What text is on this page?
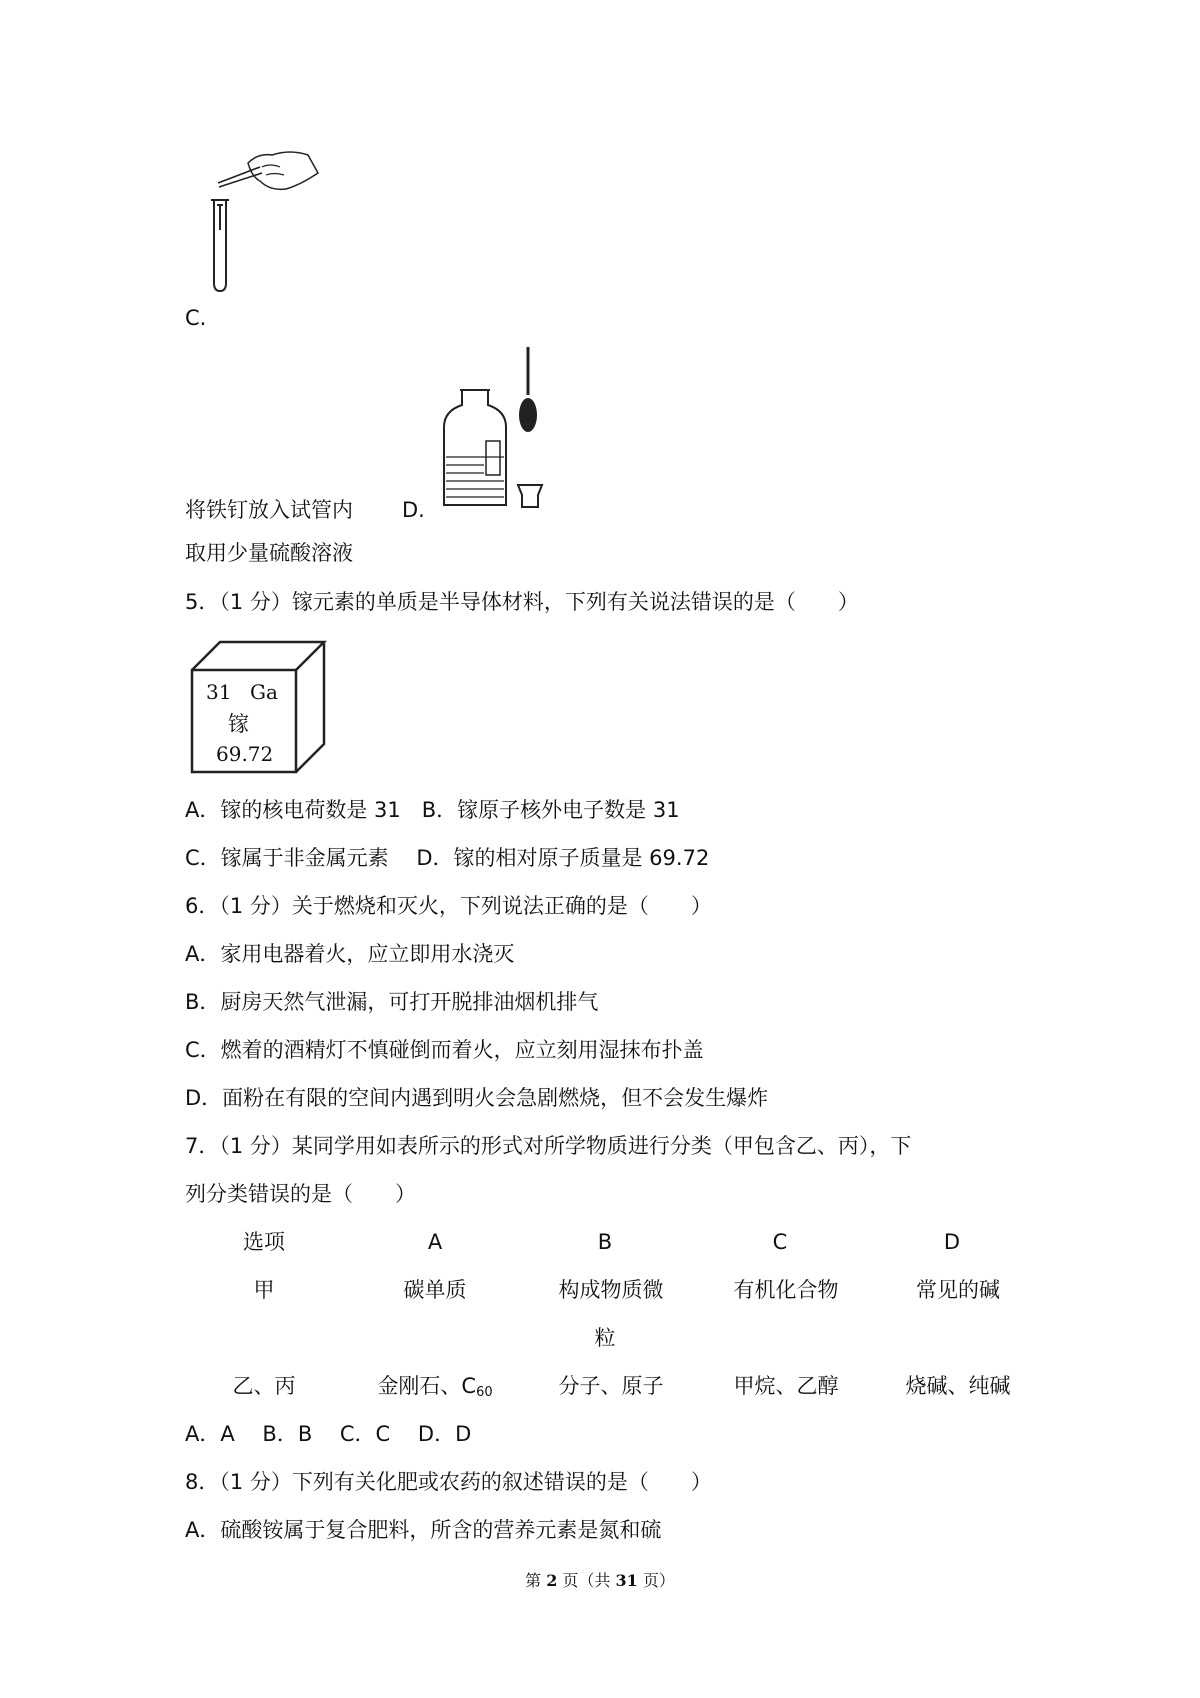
C.
将铁钉放入试管内 D.
取用少量硫酸溶液
5．（1 分）镓元素的单质是半导体材料，下列有关说法错误的是（　　）
31 Ga
镓
69.72
A．镓的核电荷数是 31　B．镓原子核外电子数是 31
C．镓属于非金属元素　 D．镓的相对原子质量是 69.72
6．（1 分）关于燃烧和灭火，下列说法正确的是（　　）
A．家用电器着火，应立即用水浇灭
B．厨房天然气泄漏，可打开脱排油烟机排气
C．燃着的酒精灯不慎碰倒而着火，应立刻用湿抹布扑盖
D．面粉在有限的空间内遇到明火会急剧燃烧，但不会发生爆炸
7．（1 分）某同学用如表所示的形式对所学物质进行分类（甲包含乙、丙），下
列分类错误的是（　　）
选项	A	B	C	D
甲	碳单质	构成物质微	有机化合物	常见的碱
粒
乙、丙	金刚石、$C_{60}$	分子、原子	甲烷、乙醇	烧碱、纯碱
A．A　 B．B　 C．C　 D．D
8．（1 分）下列有关化肥或农药的叙述错误的是（　　）
A．硫酸铵属于复合肥料，所含的营养元素是氮和硫
第 2 页（共 31 页）
